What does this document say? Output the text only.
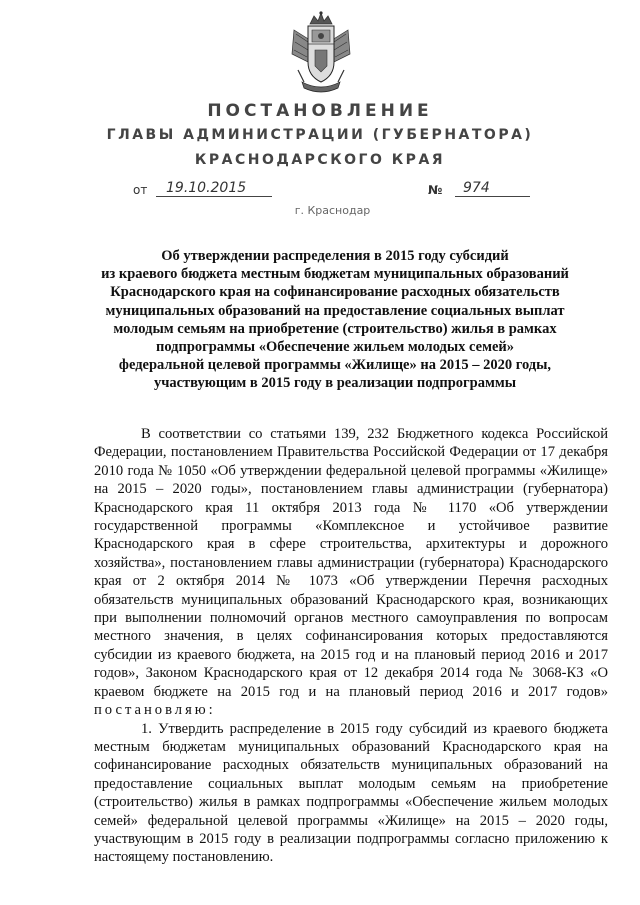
ПОСТАНОВЛЕНИЕ
ГЛАВЫ АДМИНИСТРАЦИИ (ГУБЕРНАТОРА)
КРАСНОДАРСКОГО КРАЯ
от	19.10.2015	№	974
г. Краснодар
Об утверждении распределения в 2015 году субсидий
из краевого бюджета местным бюджетам муниципальных образований
Краснодарского края на софинансирование расходных обязательств
муниципальных образований на предоставление социальных выплат
молодым семьям на приобретение (строительство) жилья в рамках
подпрограммы «Обеспечение жильем молодых семей»
федеральной целевой программы «Жилище» на 2015 – 2020 годы,
участвующим в 2015 году в реализации подпрограммы

В соответствии со статьями 139, 232 Бюджетного кодекса Российской Федерации, постановлением Правительства Российской Федерации от 17 декабря 2010 года № 1050 «Об утверждении федеральной целевой программы «Жилище» на 2015 – 2020 годы», постановлением главы администрации (губернатора) Краснодарского края 11 октября 2013 года № 1170 «Об утверждении государственной программы «Комплексное и устойчивое развитие Краснодарского края в сфере строительства, архитектуры и дорожного хозяйства», постановлением главы администрации (губернатора) Краснодарского края от 2 октября 2014 № 1073 «Об утверждении Перечня расходных обязательств муниципальных образований Краснодарского края, возникающих при выполнении полномочий органов местного самоуправления по вопросам местного значения, в целях софинансирования которых предоставляются субсидии из краевого бюджета, на 2015 год и на плановый период 2016 и 2017 годов», Законом Краснодарского края от 12 декабря 2014 года № 3068-КЗ «О краевом бюджете на 2015 год и на плановый период 2016 и 2017 годов» постановляю:

1. Утвердить распределение в 2015 году субсидий из краевого бюджета местным бюджетам муниципальных образований Краснодарского края на софинансирование расходных обязательств муниципальных образований на предоставление социальных выплат молодым семьям на приобретение (строительство) жилья в рамках подпрограммы «Обеспечение жильем молодых семей» федеральной целевой программы «Жилище» на 2015 – 2020 годы, участвующим в 2015 году в реализации подпрограммы согласно приложению к настоящему постановлению.
